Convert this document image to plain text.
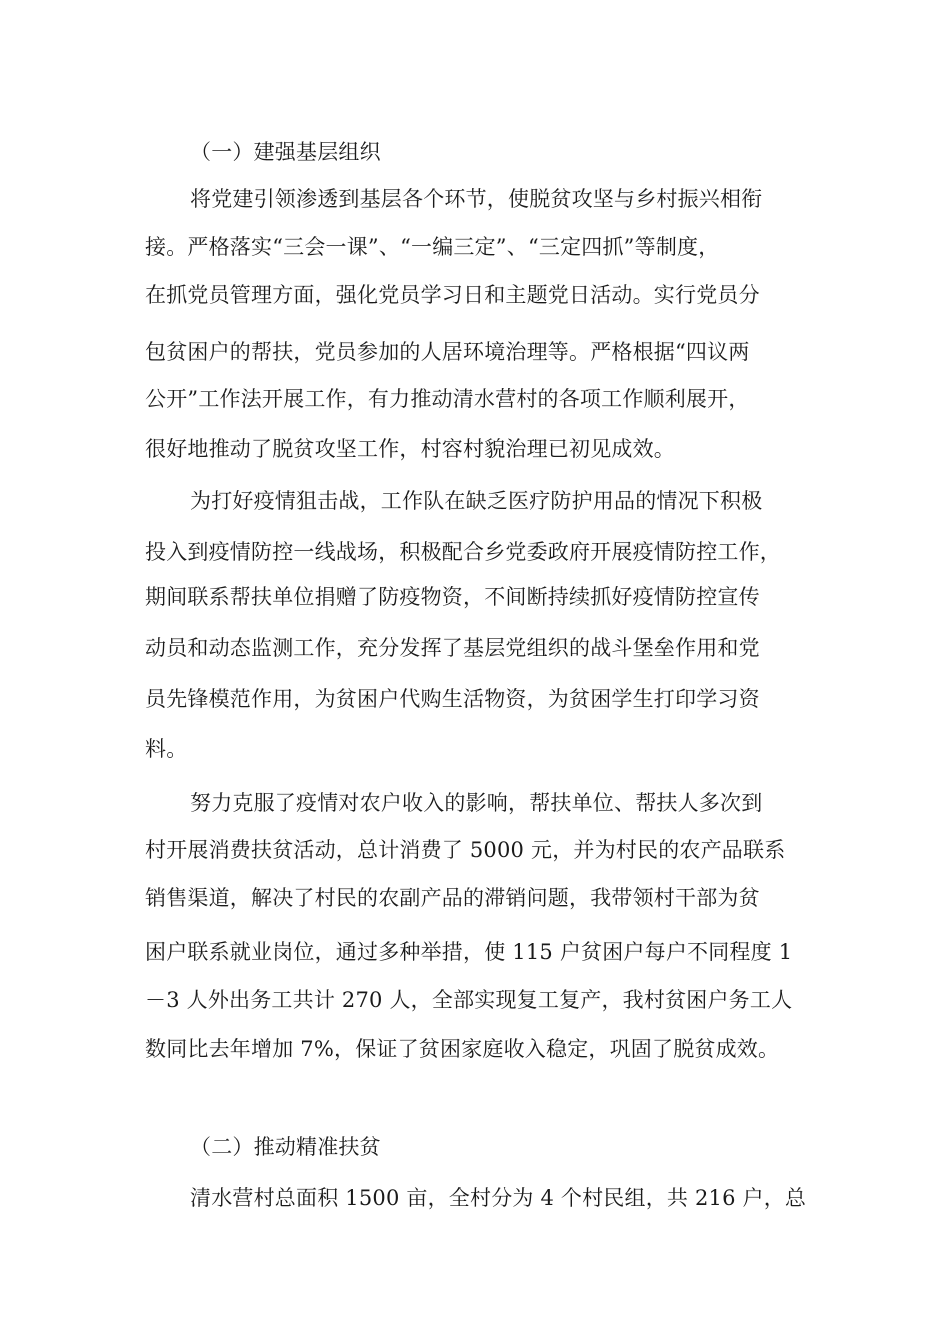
（一）建强基层组织
将党建引领渗透到基层各个环节，使脱贫攻坚与乡村振兴相衔
接。严格落实“三会一课”、“一编三定”、“三定四抓”等制度，
在抓党员管理方面，强化党员学习日和主题党日活动。实行党员分
包贫困户的帮扶，党员参加的人居环境治理等。严格根据“四议两
公开”工作法开展工作，有力推动清水营村的各项工作顺利展开，
很好地推动了脱贫攻坚工作，村容村貌治理已初见成效。
为打好疫情狙击战，工作队在缺乏医疗防护用品的情况下积极
投入到疫情防控一线战场，积极配合乡党委政府开展疫情防控工作，
期间联系帮扶单位捐赠了防疫物资，不间断持续抓好疫情防控宣传
动员和动态监测工作，充分发挥了基层党组织的战斗堡垒作用和党
员先锋模范作用，为贫困户代购生活物资，为贫困学生打印学习资
料。
努力克服了疫情对农户收入的影响，帮扶单位、帮扶人多次到
村开展消费扶贫活动，总计消费了 5000 元，并为村民的农产品联系
销售渠道，解决了村民的农副产品的滞销问题，我带领村干部为贫
困户联系就业岗位，通过多种举措，使 115 户贫困户每户不同程度 1
－3 人外出务工共计 270 人，全部实现复工复产，我村贫困户务工人
数同比去年增加 7%，保证了贫困家庭收入稳定，巩固了脱贫成效。
（二）推动精准扶贫
清水营村总面积 1500 亩，全村分为 4 个村民组，共 216 户，总
